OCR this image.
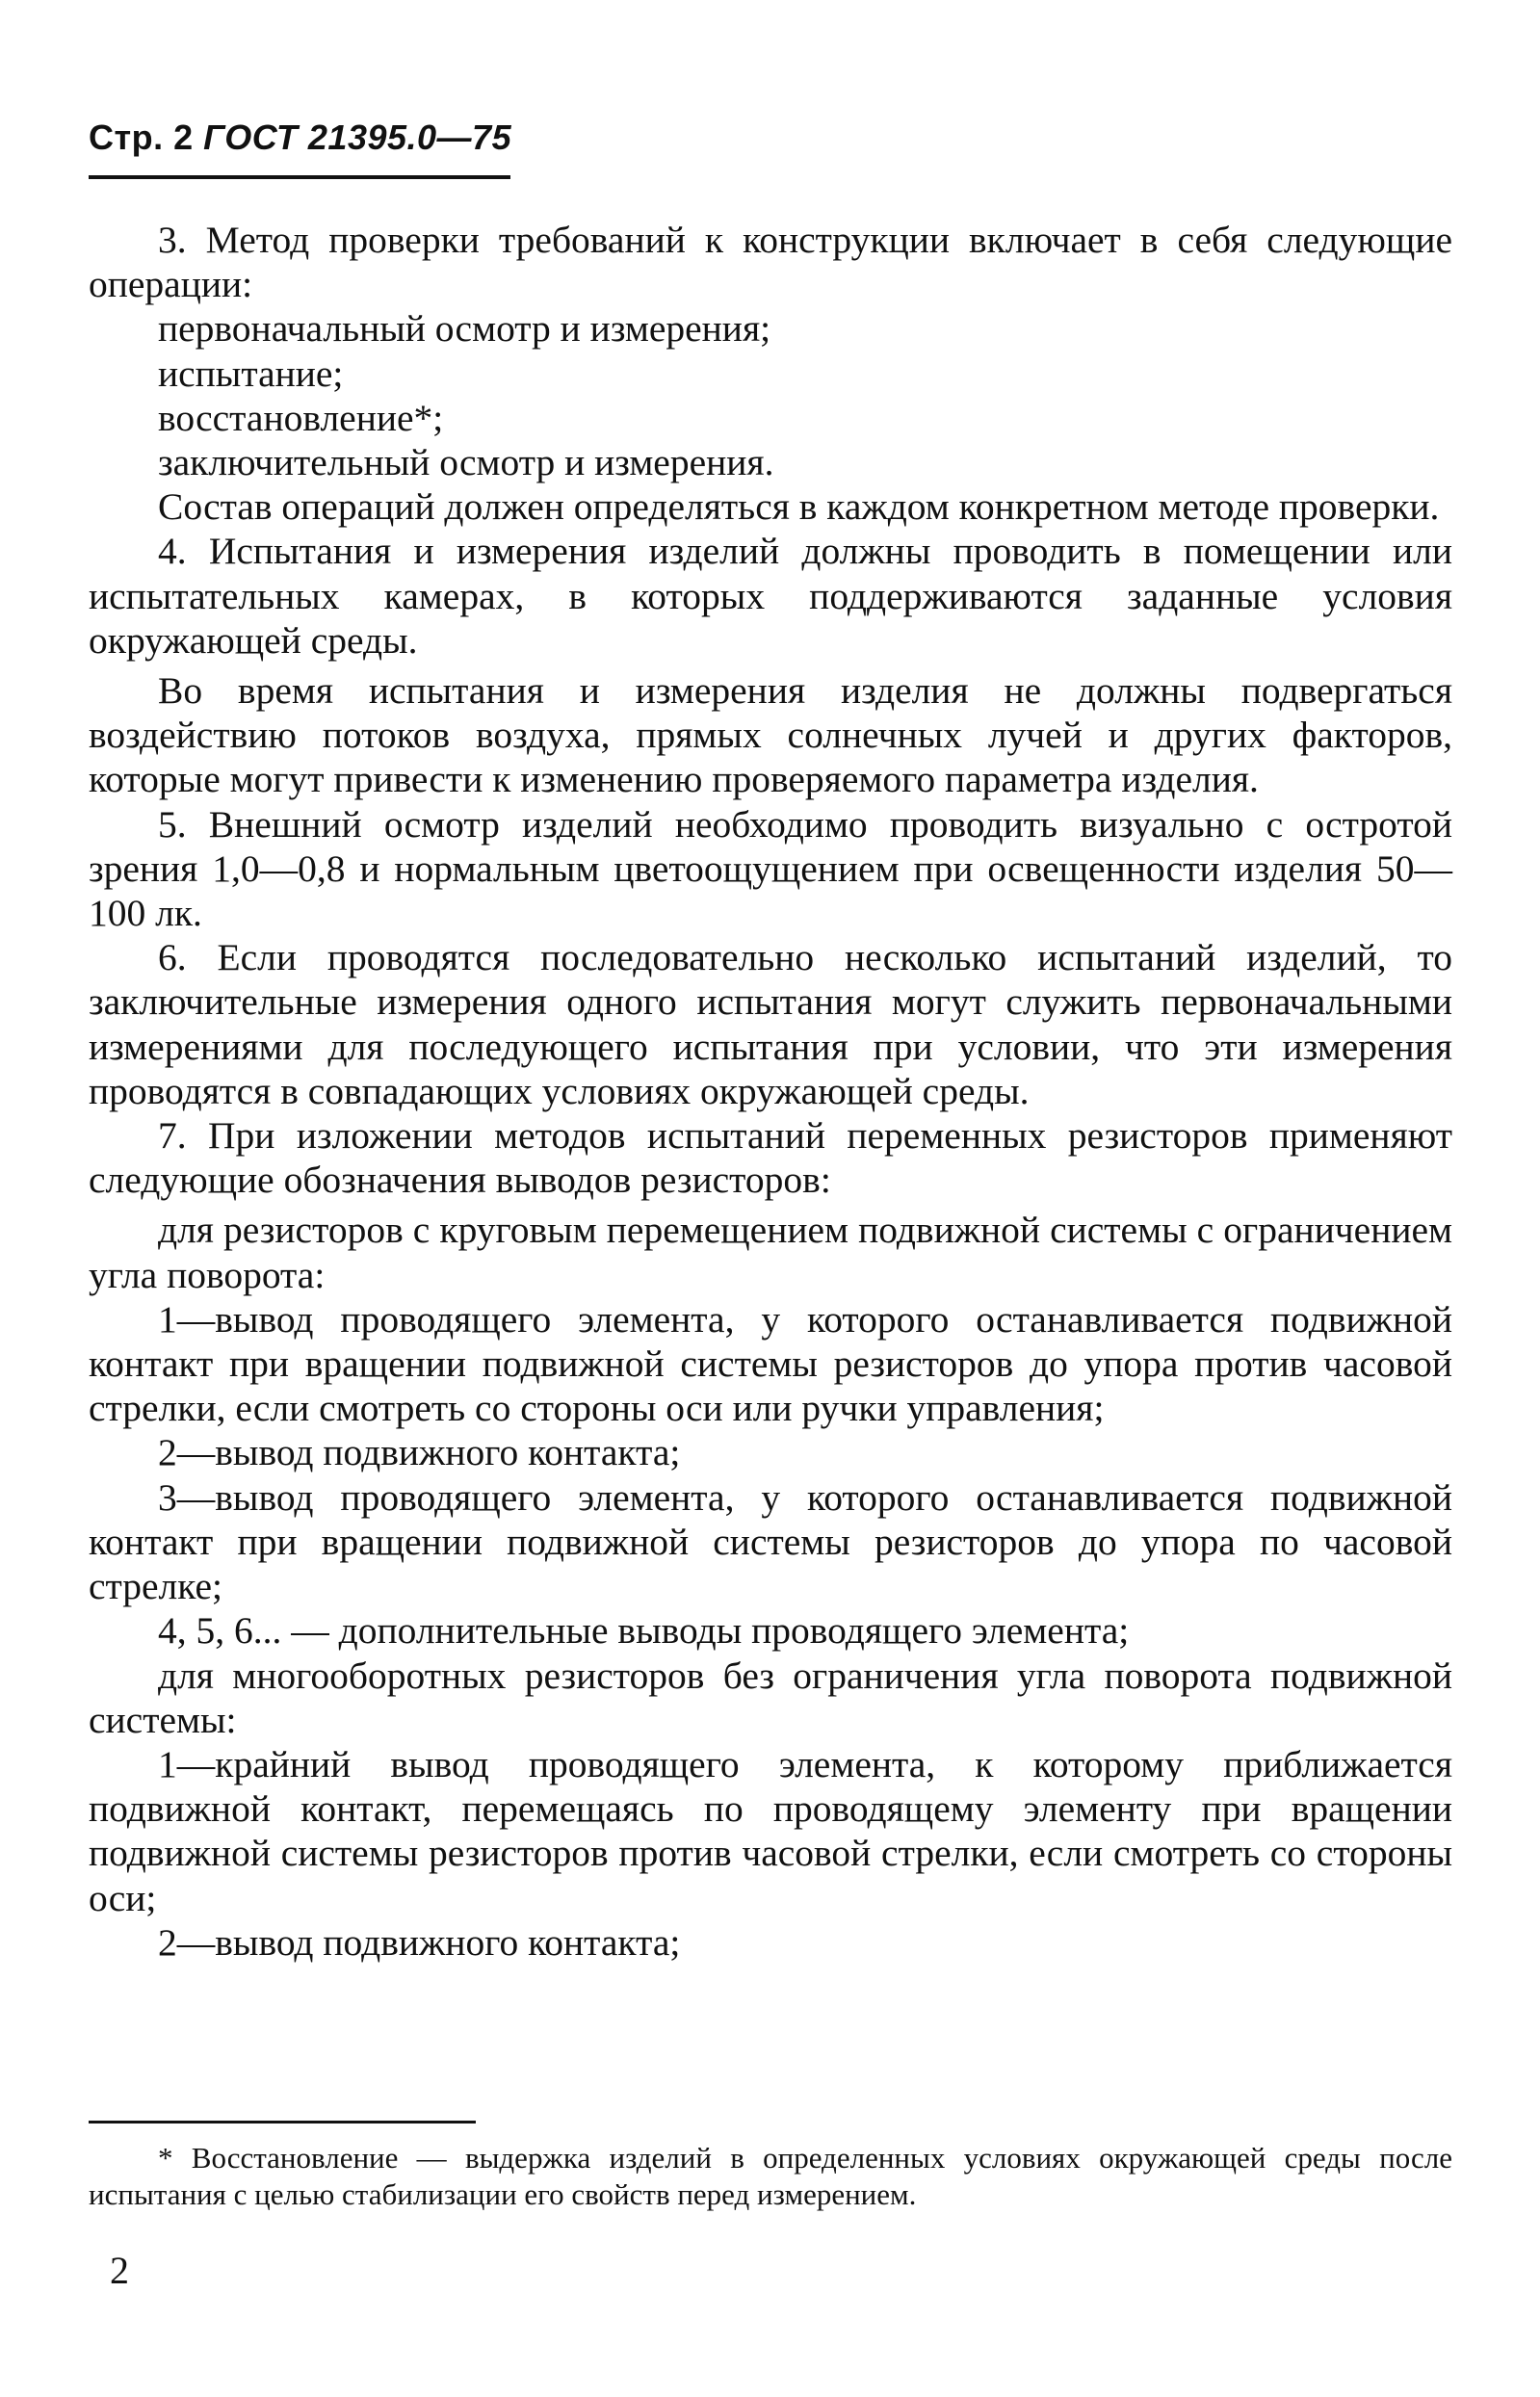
Стр. 2 ГОСТ 21395.0—75

3. Метод проверки требований к конструкции включает в себя следующие операции:

первоначальный осмотр и измерения;

испытание;

восстановление*;

заключительный осмотр и измерения.

Состав операций должен определяться в каждом конкретном методе проверки.

4. Испытания и измерения изделий должны проводить в помещении или испытательных камерах, в которых поддерживаются заданные условия окружающей среды.

Во время испытания и измерения изделия не должны подвергаться воздействию потоков воздуха, прямых солнечных лучей и других факторов, которые могут привести к изменению проверяемого параметра изделия.

5. Внешний осмотр изделий необходимо проводить визуально с остротой зрения 1,0—0,8 и нормальным цветоощущением при освещенности изделия 50—100 лк.

6. Если проводятся последовательно несколько испытаний изделий, то заключительные измерения одного испытания могут служить первоначальными измерениями для последующего испытания при условии, что эти измерения проводятся в совпадающих условиях окружающей среды.

7. При изложении методов испытаний переменных резисторов применяют следующие обозначения выводов резисторов:

для резисторов с круговым перемещением подвижной системы с ограничением угла поворота:

1—вывод проводящего элемента, у которого останавливается подвижной контакт при вращении подвижной системы резисторов до упора против часовой стрелки, если смотреть со стороны оси или ручки управления;

2—вывод подвижного контакта;

3—вывод проводящего элемента, у которого останавливается подвижной контакт при вращении подвижной системы резисторов до упора по часовой стрелке;

4, 5, 6... — дополнительные выводы проводящего элемента;

для многооборотных резисторов без ограничения угла поворота подвижной системы:

1—крайний вывод проводящего элемента, к которому приближается подвижной контакт, перемещаясь по проводящему элементу при вращении подвижной системы резисторов против часовой стрелки, если смотреть со стороны оси;

2—вывод подвижного контакта;

* Восстановление — выдержка изделий в определенных условиях окружающей среды после испытания с целью стабилизации его свойств перед измерением.
2
